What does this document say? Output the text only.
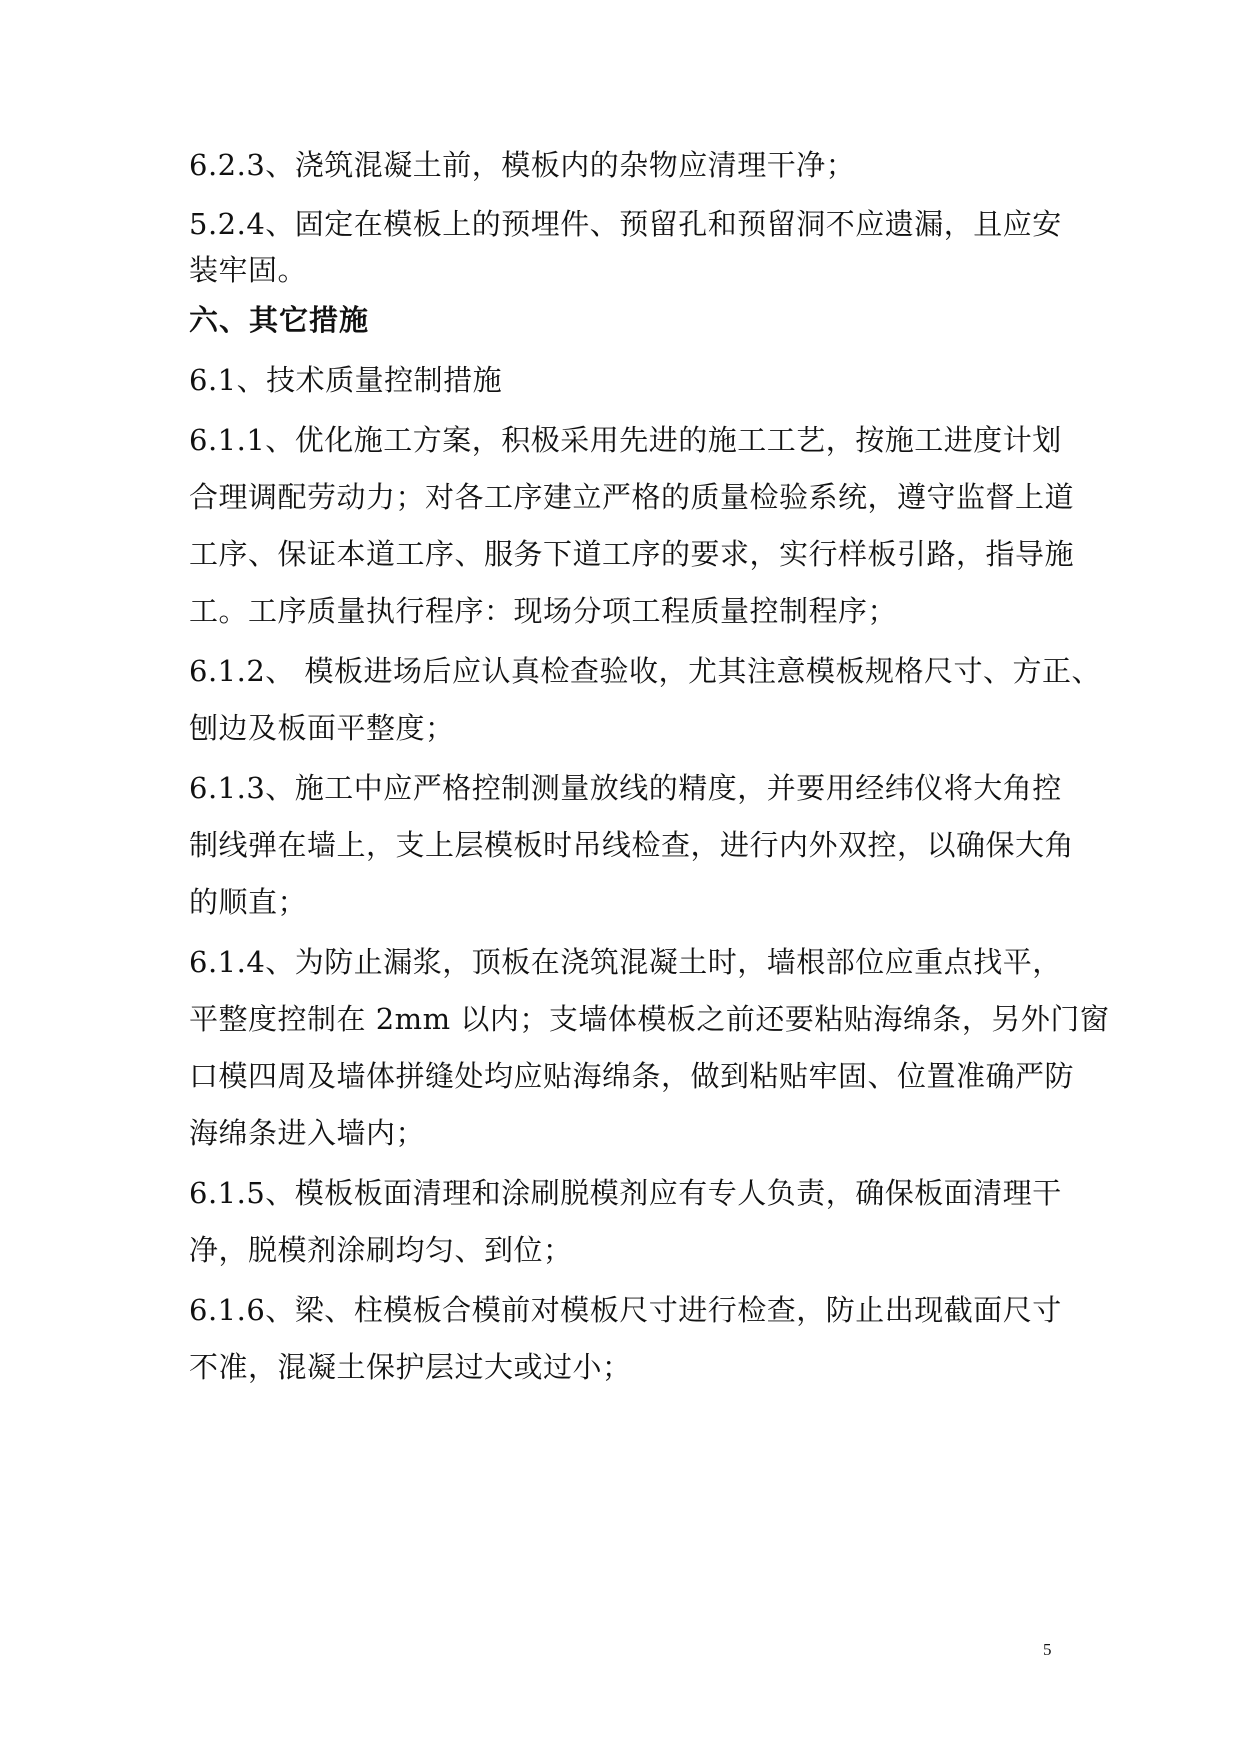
6.2.3、浇筑混凝土前，模板内的杂物应清理干净；
5.2.4、固定在模板上的预埋件、预留孔和预留洞不应遗漏，且应安
装牢固。
六、其它措施
6.1、技术质量控制措施
6.1.1、优化施工方案，积极采用先进的施工工艺，按施工进度计划
合理调配劳动力；对各工序建立严格的质量检验系统，遵守监督上道
工序、保证本道工序、服务下道工序的要求，实行样板引路，指导施
工。工序质量执行程序：现场分项工程质量控制程序；
6.1.2、 模板进场后应认真检查验收，尤其注意模板规格尺寸、方正、
刨边及板面平整度；
6.1.3、施工中应严格控制测量放线的精度，并要用经纬仪将大角控
制线弹在墙上，支上层模板时吊线检查，进行内外双控，以确保大角
的顺直；
6.1.4、为防止漏浆，顶板在浇筑混凝土时，墙根部位应重点找平，
平整度控制在 2mm 以内；支墙体模板之前还要粘贴海绵条，另外门窗
口模四周及墙体拼缝处均应贴海绵条，做到粘贴牢固、位置准确严防
海绵条进入墙内；
6.1.5、模板板面清理和涂刷脱模剂应有专人负责，确保板面清理干
净，脱模剂涂刷均匀、到位；
6.1.6、梁、柱模板合模前对模板尺寸进行检查，防止出现截面尺寸
不准，混凝土保护层过大或过小；
5
